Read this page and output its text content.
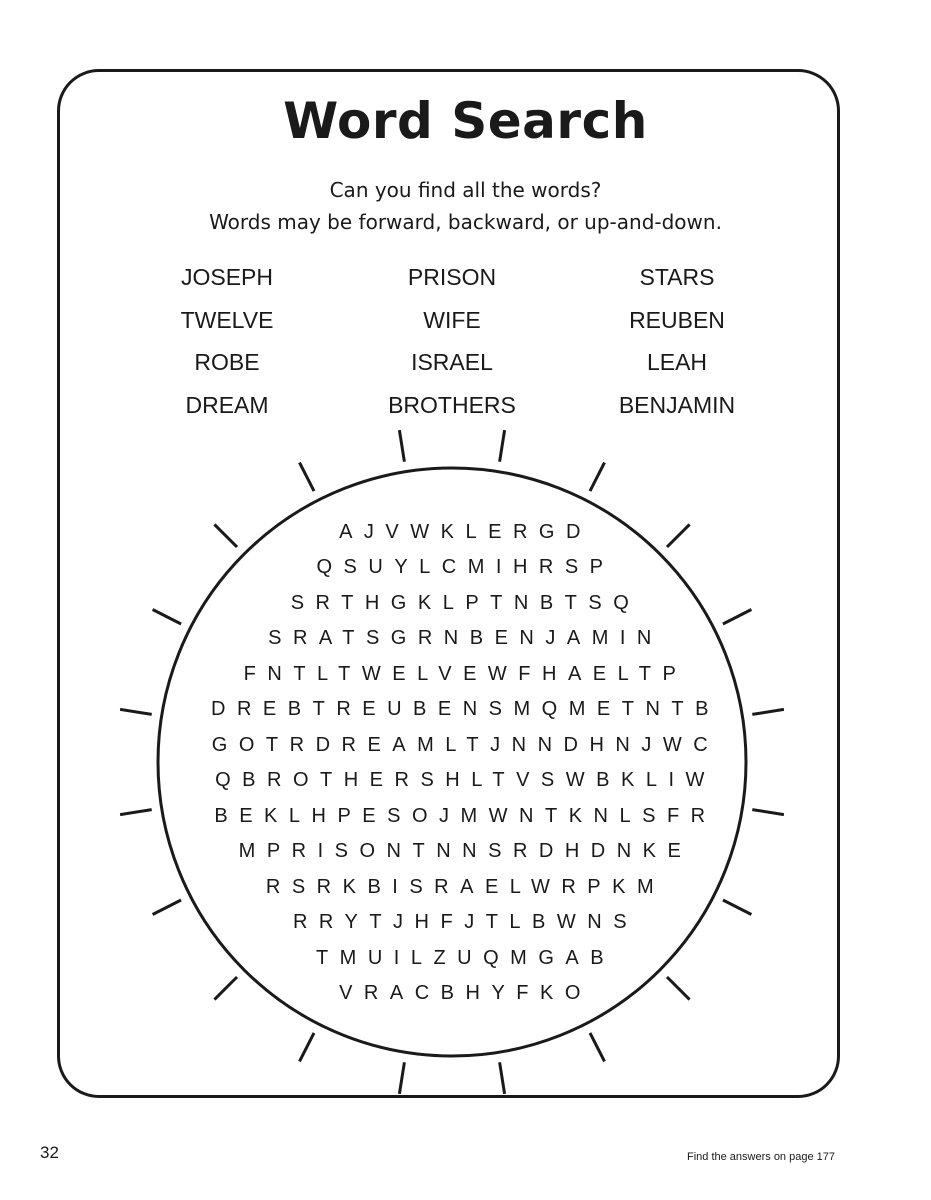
Word Search
Can you find all the words?
Words may be forward, backward, or up-and-down.
JOSEPH	PRISON	STARS
TWELVE	WIFE	REUBEN
ROBE	ISRAEL	LEAH
DREAM	BROTHERS	BENJAMIN
AJVWKLERGD
QSUYLCMIHRSP
SRTHGKLPTNBTSQ
SRATSGRNBENJAMIN
FNTLTWELVEWFHAELTP
DREBTREUBENSMQMETNTB
GOTRDREAMLTJNNDHNJWC
QBROTHERSHLTVSWBKLIW
BEKLHPESOJMWNTKNLSFR
MPRISONTNNSRDHDNKE
RSRKBISRAELWRPKM
RRYTJHFJTLBWNS
TMUILZUQMGAB
VRACBHYFKO
Find the answers on page 177
32
